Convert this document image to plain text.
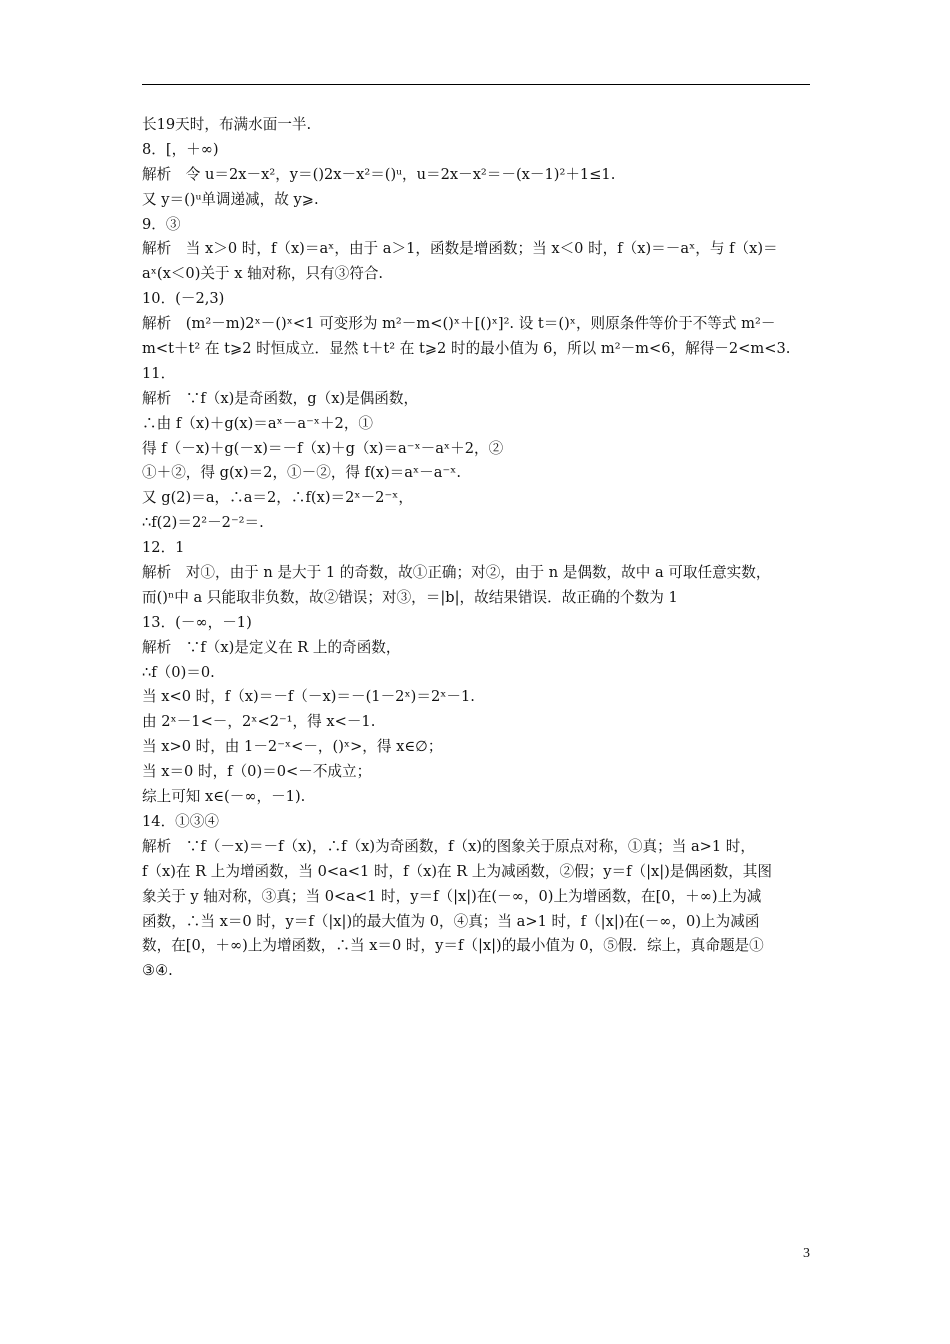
长19天时，布满水面一半.
8．[，＋∞)
解析　令 u＝2x－x²，y＝()2x－x²＝()ᵘ，u＝2x－x²＝－(x－1)²＋1≤1.
又 y＝()ᵘ单调递减，故 y⩾.
9．③
解析　当 x＞0 时，f（x)＝aˣ，由于 a＞1，函数是增函数；当 x＜0 时，f（x)＝－aˣ，与 f（x)＝
aˣ(x＜0)关于 x 轴对称，只有③符合.
10．(－2,3)
解析　(m²－m)2ˣ－()ˣ<1 可变形为 m²－m<()ˣ＋[()ˣ]². 设 t＝()ˣ，则原条件等价于不等式 m²－
m<t＋t² 在 t⩾2 时恒成立．显然 t＋t² 在 t⩾2 时的最小值为 6，所以 m²－m<6，解得－2<m<3.
11．
解析　∵f（x)是奇函数，g（x)是偶函数，
∴由 f（x)＋g(x)＝aˣ－a⁻ˣ＋2，①
得 f（－x)＋g(－x)＝－f（x)＋g（x)＝a⁻ˣ－aˣ＋2，②
①＋②，得 g(x)＝2，①－②，得 f(x)＝aˣ－a⁻ˣ.
又 g(2)＝a，∴a＝2，∴f(x)＝2ˣ－2⁻ˣ，
∴f(2)＝2²－2⁻²＝.
12．1
解析　对①，由于 n 是大于 1 的奇数，故①正确；对②，由于 n 是偶数，故中 a 可取任意实数，
而()ⁿ中 a 只能取非负数，故②错误；对③，＝|b|，故结果错误．故正确的个数为 1
13．(－∞，－1)
解析　∵f（x)是定义在 R 上的奇函数，
∴f（0)＝0.
当 x<0 时，f（x)＝－f（－x)＝－(1－2ˣ)＝2ˣ－1.
由 2ˣ－1<－，2ˣ<2⁻¹，得 x<－1.
当 x>0 时，由 1－2⁻ˣ<－，()ˣ>，得 x∈∅；
当 x＝0 时，f（0)＝0<－不成立；
综上可知 x∈(－∞，－1).
14．①③④
解析　∵f（－x)＝－f（x)，∴f（x)为奇函数，f（x)的图象关于原点对称，①真；当 a>1 时，
f（x)在 R 上为增函数，当 0<a<1 时，f（x)在 R 上为减函数，②假；y＝f（|x|)是偶函数，其图
象关于 y 轴对称，③真；当 0<a<1 时，y＝f（|x|)在(－∞，0)上为增函数，在[0，＋∞)上为减
函数，∴当 x＝0 时，y＝f（|x|)的最大值为 0，④真；当 a>1 时，f（|x|)在(－∞，0)上为减函
数，在[0，＋∞)上为增函数，∴当 x＝0 时，y＝f（|x|)的最小值为 0，⑤假．综上，真命题是①
③④.
3
